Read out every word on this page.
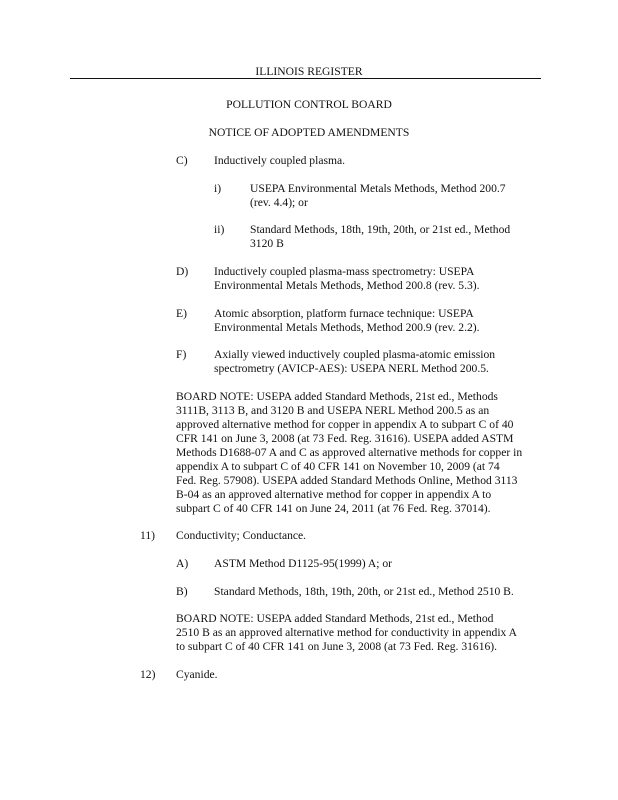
ILLINOIS REGISTER
POLLUTION CONTROL BOARD
NOTICE OF ADOPTED AMENDMENTS
C) Inductively coupled plasma.
i) USEPA Environmental Metals Methods, Method 200.7
(rev. 4.4); or
ii) Standard Methods, 18th, 19th, 20th, or 21st ed., Method
3120 B
D) Inductively coupled plasma-mass spectrometry: USEPA
Environmental Metals Methods, Method 200.8 (rev. 5.3).
E) Atomic absorption, platform furnace technique: USEPA
Environmental Metals Methods, Method 200.9 (rev. 2.2).
F) Axially viewed inductively coupled plasma-atomic emission
spectrometry (AVICP-AES): USEPA NERL Method 200.5.
BOARD NOTE: USEPA added Standard Methods, 21st ed., Methods
3111B, 3113 B, and 3120 B and USEPA NERL Method 200.5 as an
approved alternative method for copper in appendix A to subpart C of 40
CFR 141 on June 3, 2008 (at 73 Fed. Reg. 31616). USEPA added ASTM
Methods D1688-07 A and C as approved alternative methods for copper in
appendix A to subpart C of 40 CFR 141 on November 10, 2009 (at 74
Fed. Reg. 57908). USEPA added Standard Methods Online, Method 3113
B-04 as an approved alternative method for copper in appendix A to
subpart C of 40 CFR 141 on June 24, 2011 (at 76 Fed. Reg. 37014).
11) Conductivity; Conductance.
A) ASTM Method D1125-95(1999) A; or
B) Standard Methods, 18th, 19th, 20th, or 21st ed., Method 2510 B.
BOARD NOTE: USEPA added Standard Methods, 21st ed., Method
2510 B as an approved alternative method for conductivity in appendix A
to subpart C of 40 CFR 141 on June 3, 2008 (at 73 Fed. Reg. 31616).
12) Cyanide.
